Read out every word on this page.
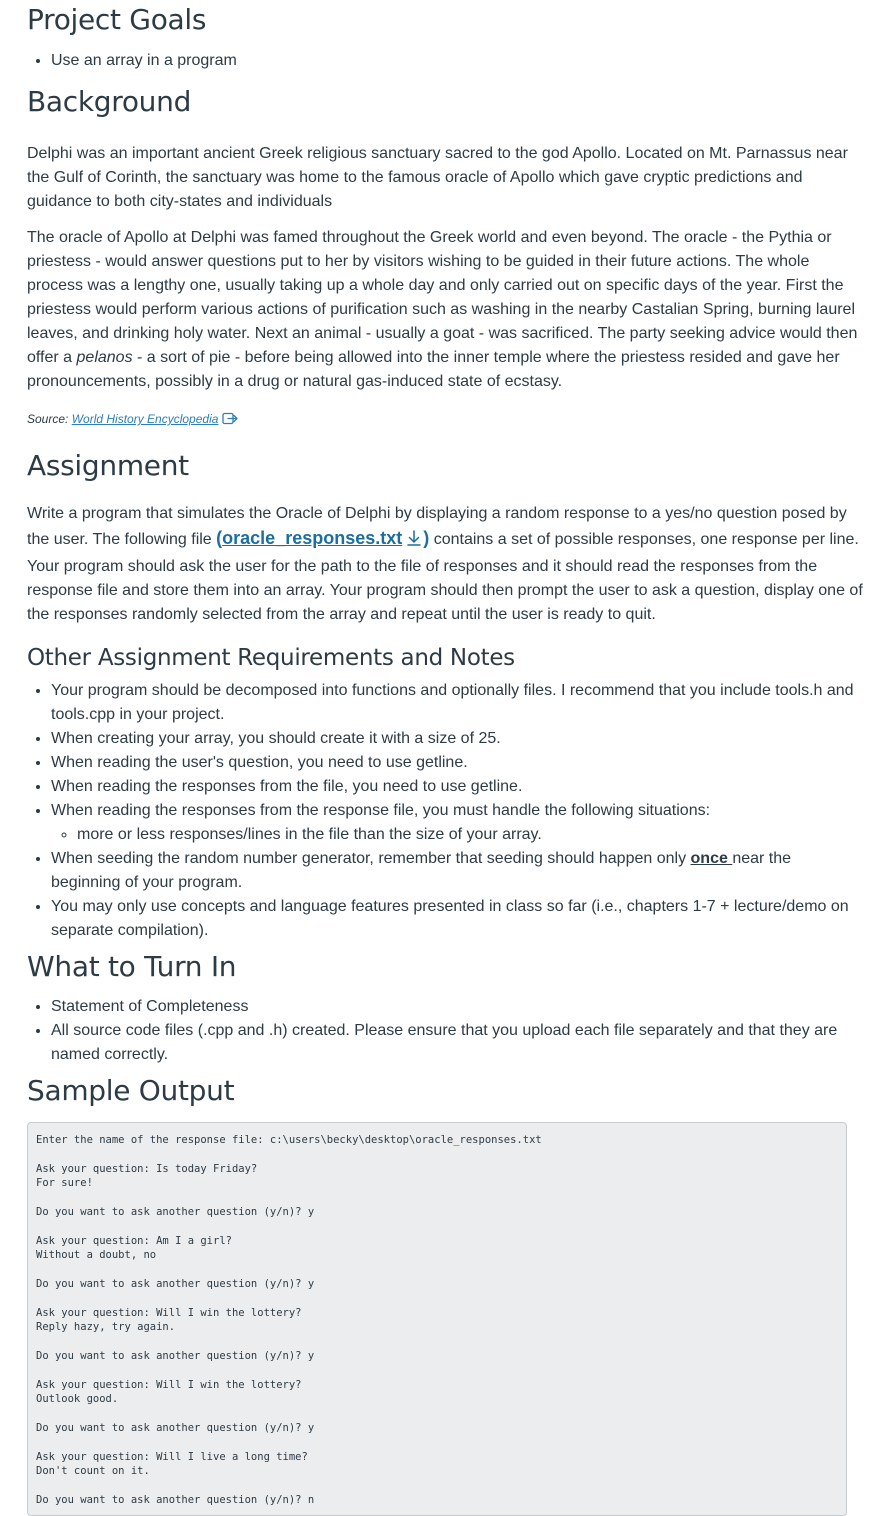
Project Goals
• Use an array in a program
Background

Delphi was an important ancient Greek religious sanctuary sacred to the god Apollo. Located on Mt. Parnassus near the Gulf of Corinth, the sanctuary was home to the famous oracle of Apollo which gave cryptic predictions and guidance to both city-states and individuals

The oracle of Apollo at Delphi was famed throughout the Greek world and even beyond. The oracle - the Pythia or priestess - would answer questions put to her by visitors wishing to be guided in their future actions. The whole process was a lengthy one, usually taking up a whole day and only carried out on specific days of the year. First the priestess would perform various actions of purification such as washing in the nearby Castalian Spring, burning laurel leaves, and drinking holy water. Next an animal - usually a goat - was sacrificed. The party seeking advice would then offer a pelanos - a sort of pie - before being allowed into the inner temple where the priestess resided and gave her pronouncements, possibly in a drug or natural gas-induced state of ecstasy.

Source: World History Encyclopedia

Assignment

Write a program that simulates the Oracle of Delphi by displaying a random response to a yes/no question posed by the user. The following file (oracle_responses.txt ) contains a set of possible responses, one response per line. Your program should ask the user for the path to the file of responses and it should read the responses from the response file and store them into an array. Your program should then prompt the user to ask a question, display one of the responses randomly selected from the array and repeat until the user is ready to quit.

Other Assignment Requirements and Notes
• Your program should be decomposed into functions and optionally files. I recommend that you include tools.h and tools.cpp in your project.
• When creating your array, you should create it with a size of 25.
• When reading the user's question, you need to use getline.
• When reading the responses from the file, you need to use getline.
• When reading the responses from the response file, you must handle the following situations:
◦ more or less responses/lines in the file than the size of your array.
• When seeding the random number generator, remember that seeding should happen only once near the beginning of your program.
• You may only use concepts and language features presented in class so far (i.e., chapters 1-7 + lecture/demo on separate compilation).
What to Turn In
• Statement of Completeness
• All source code files (.cpp and .h) created. Please ensure that you upload each file separately and that they are named correctly.
Sample Output
Enter the name of the response file: c:\users\becky\desktop\oracle_responses.txt
Ask your question: Is today Friday?
For sure!
Do you want to ask another question (y/n)? y
Ask your question: Am I a girl?
Without a doubt, no
Do you want to ask another question (y/n)? y
Ask your question: Will I win the lottery?
Reply hazy, try again.
Do you want to ask another question (y/n)? y
Ask your question: Will I win the lottery?
Outlook good.
Do you want to ask another question (y/n)? y
Ask your question: Will I live a long time?
Don't count on it.
Do you want to ask another question (y/n)? n
